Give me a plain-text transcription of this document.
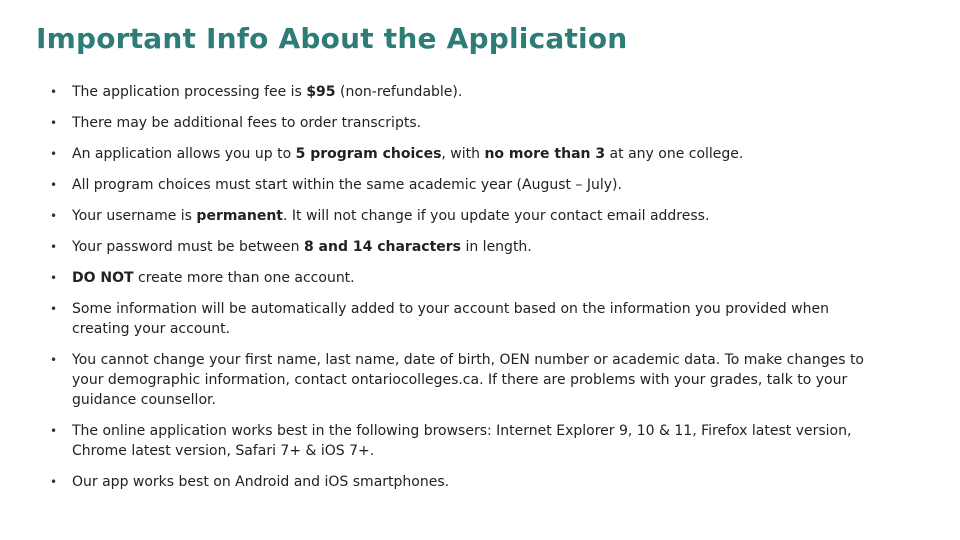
Important Info About the Application
• The application processing fee is $95 (non-refundable).
• There may be additional fees to order transcripts.
• An application allows you up to 5 program choices, with no more than 3 at any one college.
• All program choices must start within the same academic year (August – July).
• Your username is permanent. It will not change if you update your contact email address.
• Your password must be between 8 and 14 characters in length.
• DO NOT create more than one account.
• Some information will be automatically added to your account based on the information you provided when creating your account.
• You cannot change your first name, last name, date of birth, OEN number or academic data. To make changes to your demographic information, contact ontariocolleges.ca. If there are problems with your grades, talk to your guidance counsellor.
• The online application works best in the following browsers: Internet Explorer 9, 10 & 11, Firefox latest version, Chrome latest version, Safari 7+ & iOS 7+.
• Our app works best on Android and iOS smartphones.
